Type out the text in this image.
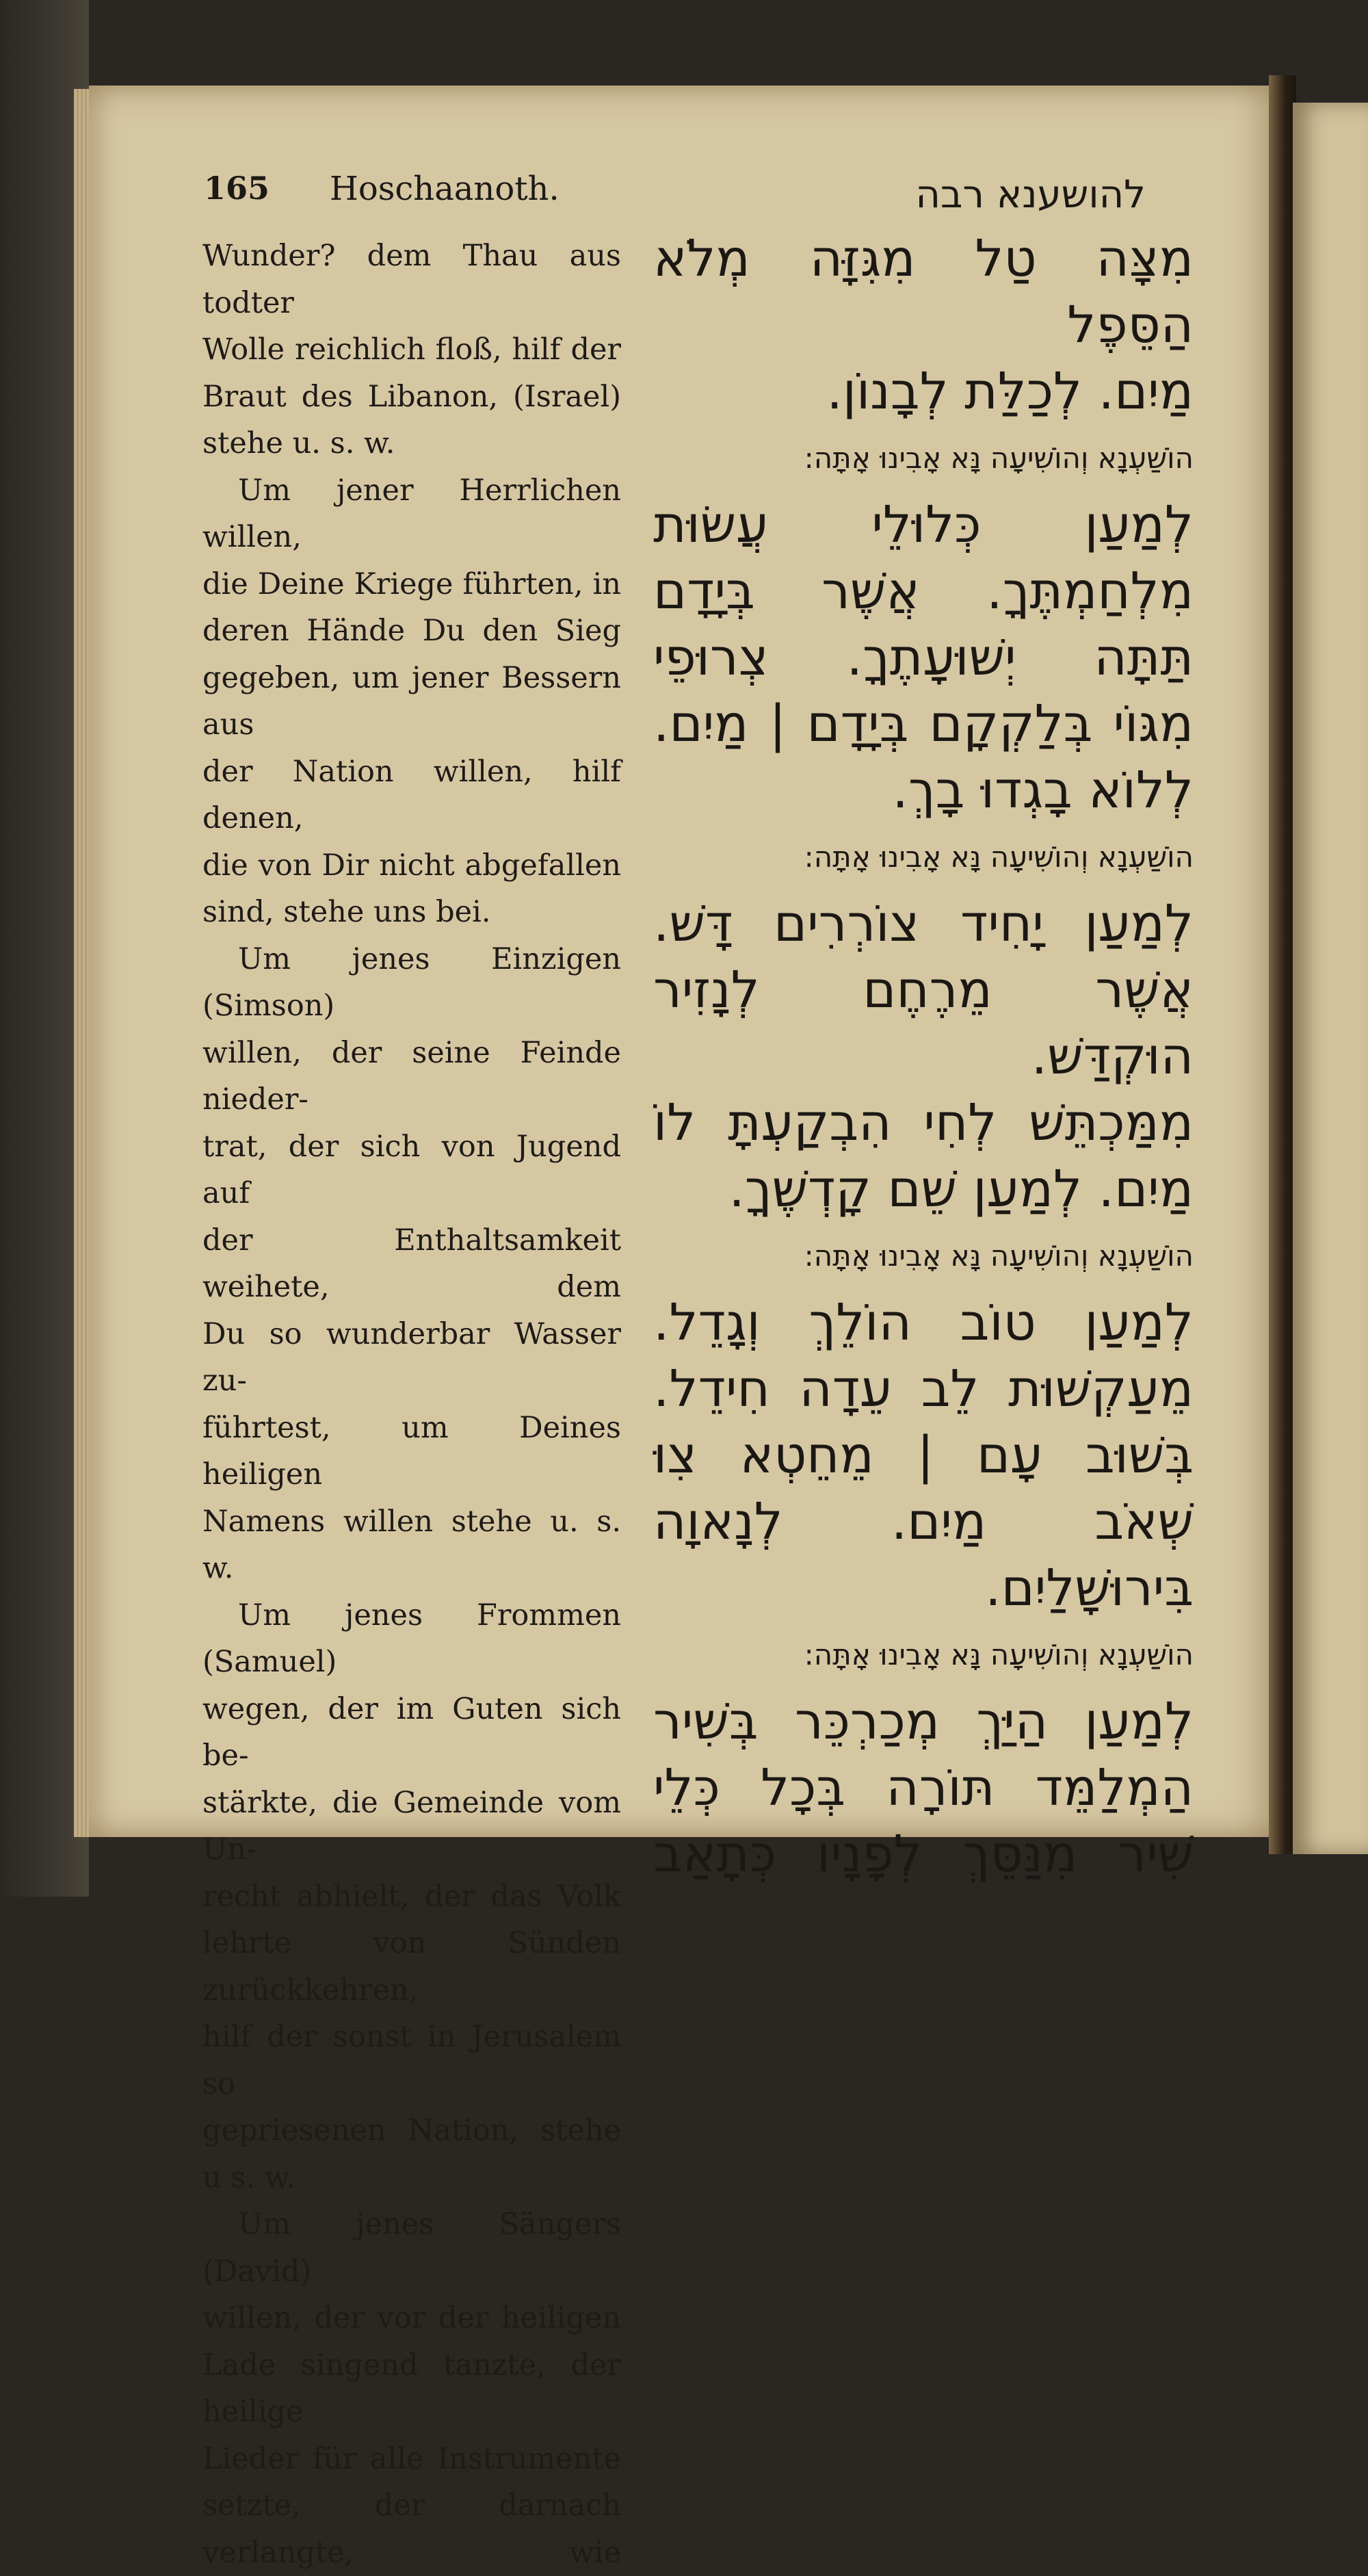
165 Hoschaanoth.

Wunder? dem Thau aus todter

Wolle reichlich floß, hilf der

Braut des Libanon, (Israel)

stehe u. s. w.

Um jener Herrlichen willen,

die Deine Kriege führten, in

deren Hände Du den Sieg

gegeben, um jener Bessern aus

der Nation willen, hilf denen,

die von Dir nicht abgefallen

sind, stehe uns bei.

Um jenes Einzigen (Simson)

willen, der seine Feinde nieder-

trat, der sich von Jugend auf

der Enthaltsamkeit weihete, dem

Du so wunderbar Wasser zu-

führtest, um Deines heiligen

Namens willen stehe u. s. w.

Um jenes Frommen (Samuel)

wegen, der im Guten sich be-

stärkte, die Gemeinde vom Un-

recht abhielt, der das Volk

lehrte von Sünden zurückkehren,

hilf der sonst in Jerusalem so

gepriesenen Nation, stehe u s. w.

Um jenes Sängers (David)

willen, der vor der heiligen

Lade singend tanzte, der heilige

Lieder für alle Instrumente

setzte, der darnach verlangte, wie

להושענא רבה

מִצָּה טַל מִגִּזָּה מְלֹא הַסֵּפֶל

מַיִם. לְכַלַּת לְבָנוֹן.

הוֹשַׁעְנָא וְהוֹשִׁיעָה נָּא אָבִינוּ אָתָּה:

לְמַעַן כְּלוּלֵי עֲשׂוּת

מִלְחַמְתֶּךָ. אֲשֶׁר בְּיָדָם

תַּתָּה יְשׁוּעָתֶךָ. צְרוּפֵי

מִגּוֹי בְּלַקְקָם בְּיָדָם | מַיִם.

לְלוֹא בָגְדוּ בָךְ.

הוֹשַׁעְנָא וְהוֹשִׁיעָה נָּא אָבִינוּ אָתָּה:

לְמַעַן יָחִיד צוֹרְרִים דָּשׁ.

אֲשֶׁר מֵרֶחֶם לְנָזִיר הוּקְדַּשׁ.

מִמַּכְתֵּשׁ לְחִי הִבְקַעְתָּ לוֹ

מַיִם. לְמַעַן שֵׁם קָדְשֶׁךָ.

הוֹשַׁעְנָא וְהוֹשִׁיעָה נָּא אָבִינוּ אָתָּה:

לְמַעַן טוֹב הוֹלֵךְ וְגָדֵל.

מֵעַקְשׁוּת לֵב עֵדָה חִידֵל.

בְּשׁוּב עָם | מֵחֵטְא צִוּ

שְׁאֹב מַיִם. לְנָאוָה

בִּירוּשָׁלַיִם.

הוֹשַׁעְנָא וְהוֹשִׁיעָה נָּא אָבִינוּ אָתָּה:

לְמַעַן הַיַּךְ מְכַרְכֵּר בְּשִׁיר

הַמְלַמֵּד תּוֹרָה בְּכָל כְּלֵי

שִׁיר מִנַּסֵּךְ לְפָנָיו כְּתָאַב
